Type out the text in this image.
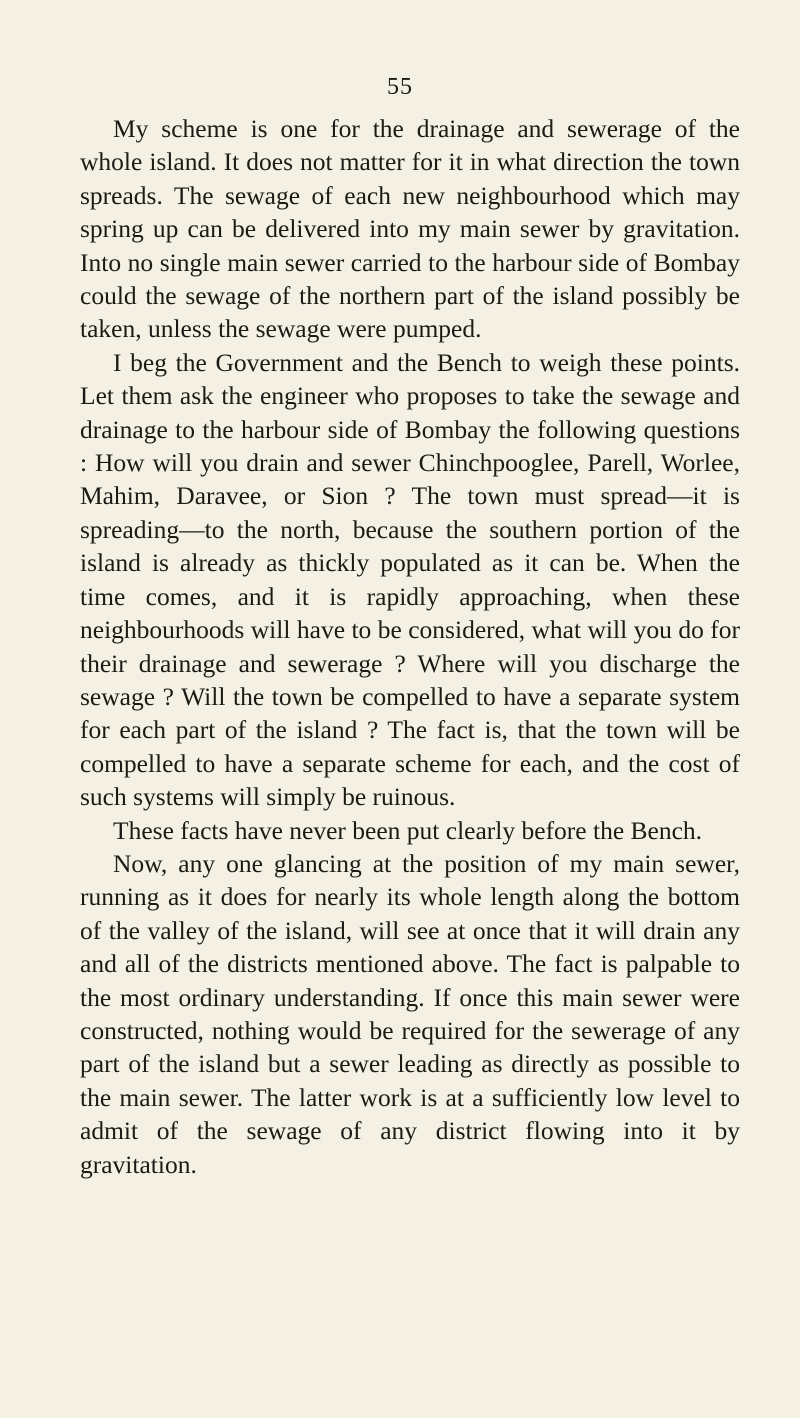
55

My scheme is one for the drainage and sewerage of the whole island. It does not matter for it in what direction the town spreads. The sewage of each new neighbourhood which may spring up can be delivered into my main sewer by gravitation. Into no single main sewer carried to the harbour side of Bombay could the sewage of the northern part of the island possibly be taken, unless the sewage were pumped.

I beg the Government and the Bench to weigh these points. Let them ask the engineer who proposes to take the sewage and drainage to the harbour side of Bombay the following questions : How will you drain and sewer Chinchpooglee, Parell, Worlee, Mahim, Daravee, or Sion ? The town must spread—it is spreading—to the north, because the southern portion of the island is already as thickly populated as it can be. When the time comes, and it is rapidly approaching, when these neighbourhoods will have to be considered, what will you do for their drainage and sewerage ? Where will you discharge the sewage ? Will the town be compelled to have a separate system for each part of the island ? The fact is, that the town will be compelled to have a separate scheme for each, and the cost of such systems will simply be ruinous.

These facts have never been put clearly before the Bench.

Now, any one glancing at the position of my main sewer, running as it does for nearly its whole length along the bottom of the valley of the island, will see at once that it will drain any and all of the districts mentioned above. The fact is palpable to the most ordinary understanding. If once this main sewer were constructed, nothing would be required for the sewerage of any part of the island but a sewer leading as directly as possible to the main sewer. The latter work is at a sufficiently low level to admit of the sewage of any district flowing into it by gravitation.
